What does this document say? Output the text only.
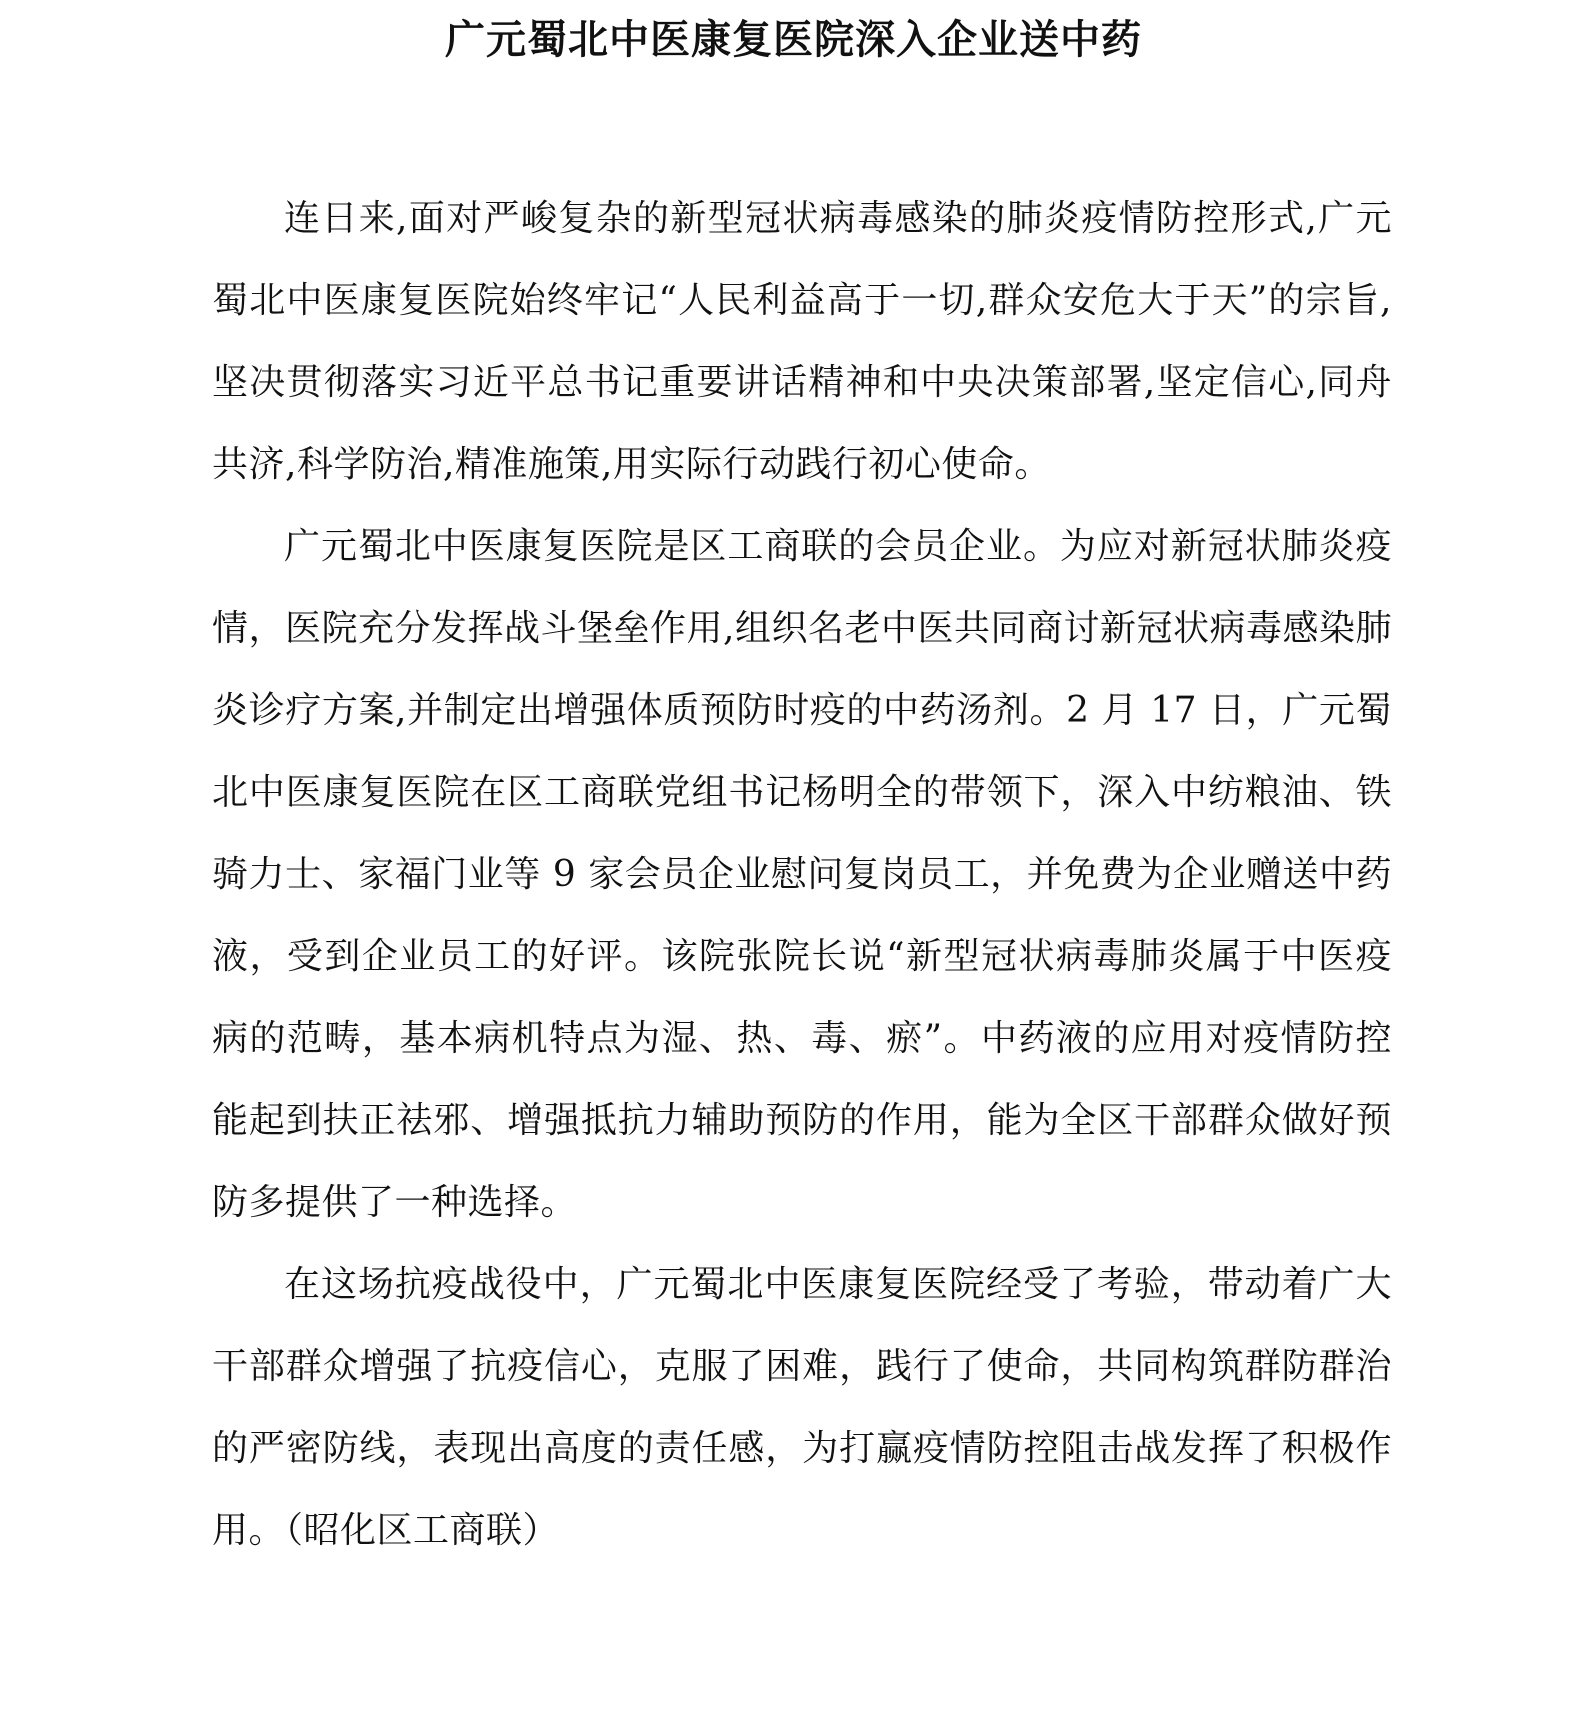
广元蜀北中医康复医院深入企业送中药

连日来,面对严峻复杂的新型冠状病毒感染的肺炎疫情防控形式,广元蜀北中医康复医院始终牢记“人民利益高于一切,群众安危大于天”的宗旨,坚决贯彻落实习近平总书记重要讲话精神和中央决策部署,坚定信心,同舟共济,科学防治,精准施策,用实际行动践行初心使命。

广元蜀北中医康复医院是区工商联的会员企业。为应对新冠状肺炎疫情，医院充分发挥战斗堡垒作用,组织名老中医共同商讨新冠状病毒感染肺炎诊疗方案,并制定出增强体质预防时疫的中药汤剂。2 月 17 日，广元蜀北中医康复医院在区工商联党组书记杨明全的带领下，深入中纺粮油、铁骑力士、家福门业等 9 家会员企业慰问复岗员工，并免费为企业赠送中药液，受到企业员工的好评。该院张院长说“新型冠状病毒肺炎属于中医疫病的范畴，基本病机特点为湿、热、毒、瘀”。中药液的应用对疫情防控能起到扶正祛邪、增强抵抗力辅助预防的作用，能为全区干部群众做好预防多提供了一种选择。

在这场抗疫战役中，广元蜀北中医康复医院经受了考验，带动着广大干部群众增强了抗疫信心，克服了困难，践行了使命，共同构筑群防群治的严密防线，表现出高度的责任感，为打赢疫情防控阻击战发挥了积极作用。（昭化区工商联）
